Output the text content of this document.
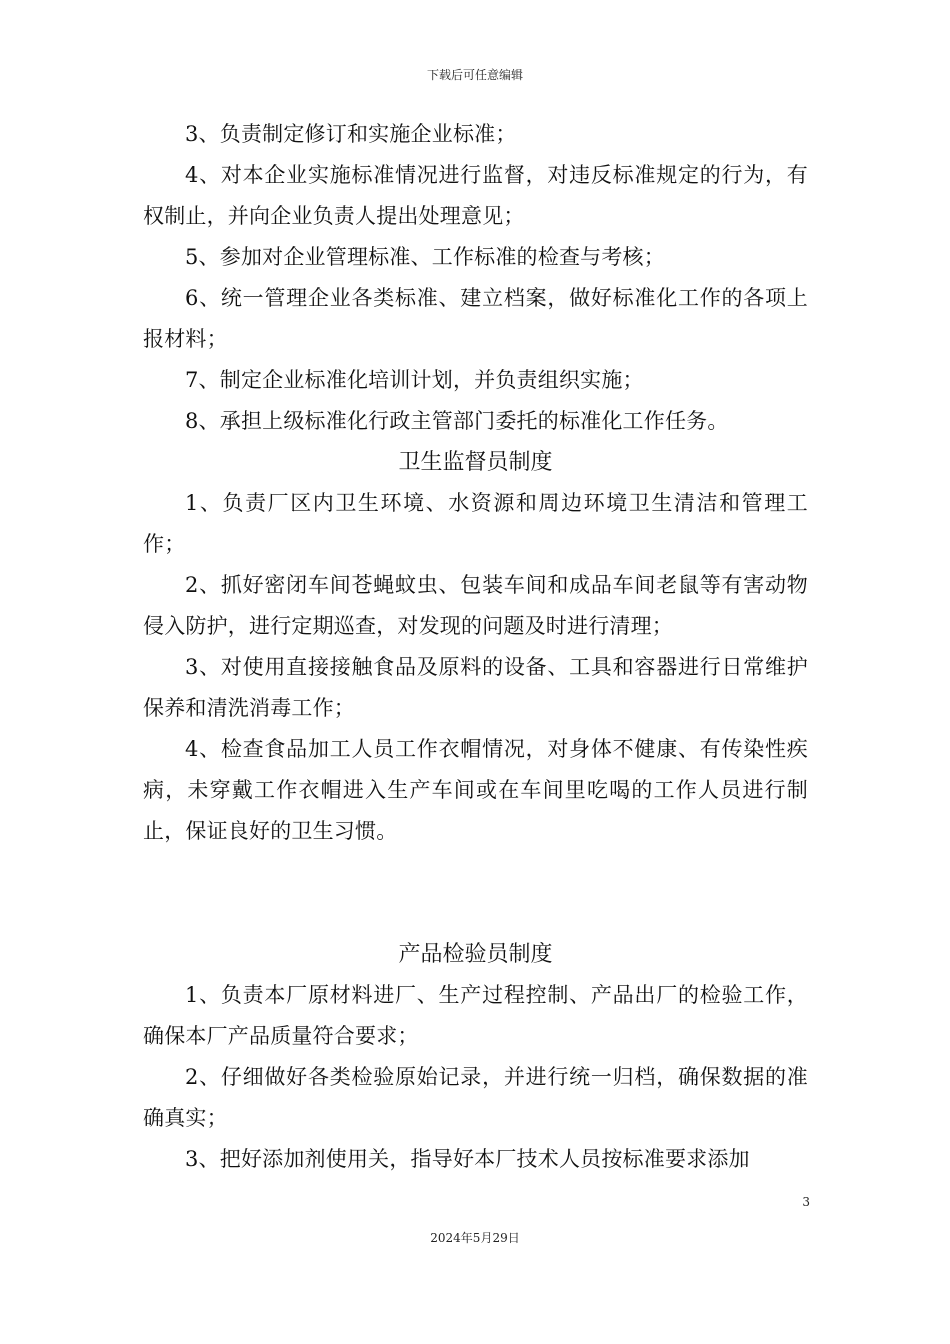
下载后可任意编辑

3、负责制定修订和实施企业标准；

4、对本企业实施标准情况进行监督，对违反标准规定的行为，有权制止，并向企业负责人提出处理意见；

5、参加对企业管理标准、工作标准的检查与考核；

6、统一管理企业各类标准、建立档案，做好标准化工作的各项上报材料；

7、制定企业标准化培训计划，并负责组织实施；

8、承担上级标准化行政主管部门委托的标准化工作任务。

卫生监督员制度

1、负责厂区内卫生环境、水资源和周边环境卫生清洁和管理工作；

2、抓好密闭车间苍蝇蚊虫、包装车间和成品车间老鼠等有害动物侵入防护，进行定期巡查，对发现的问题及时进行清理；

3、对使用直接接触食品及原料的设备、工具和容器进行日常维护保养和清洗消毒工作；

4、检查食品加工人员工作衣帽情况，对身体不健康、有传染性疾病，未穿戴工作衣帽进入生产车间或在车间里吃喝的工作人员进行制止，保证良好的卫生习惯。

产品检验员制度

1、负责本厂原材料进厂、生产过程控制、产品出厂的检验工作，确保本厂产品质量符合要求；

2、仔细做好各类检验原始记录，并进行统一归档，确保数据的准确真实；

3、把好添加剂使用关，指导好本厂技术人员按标准要求添加

3
2024年5月29日
